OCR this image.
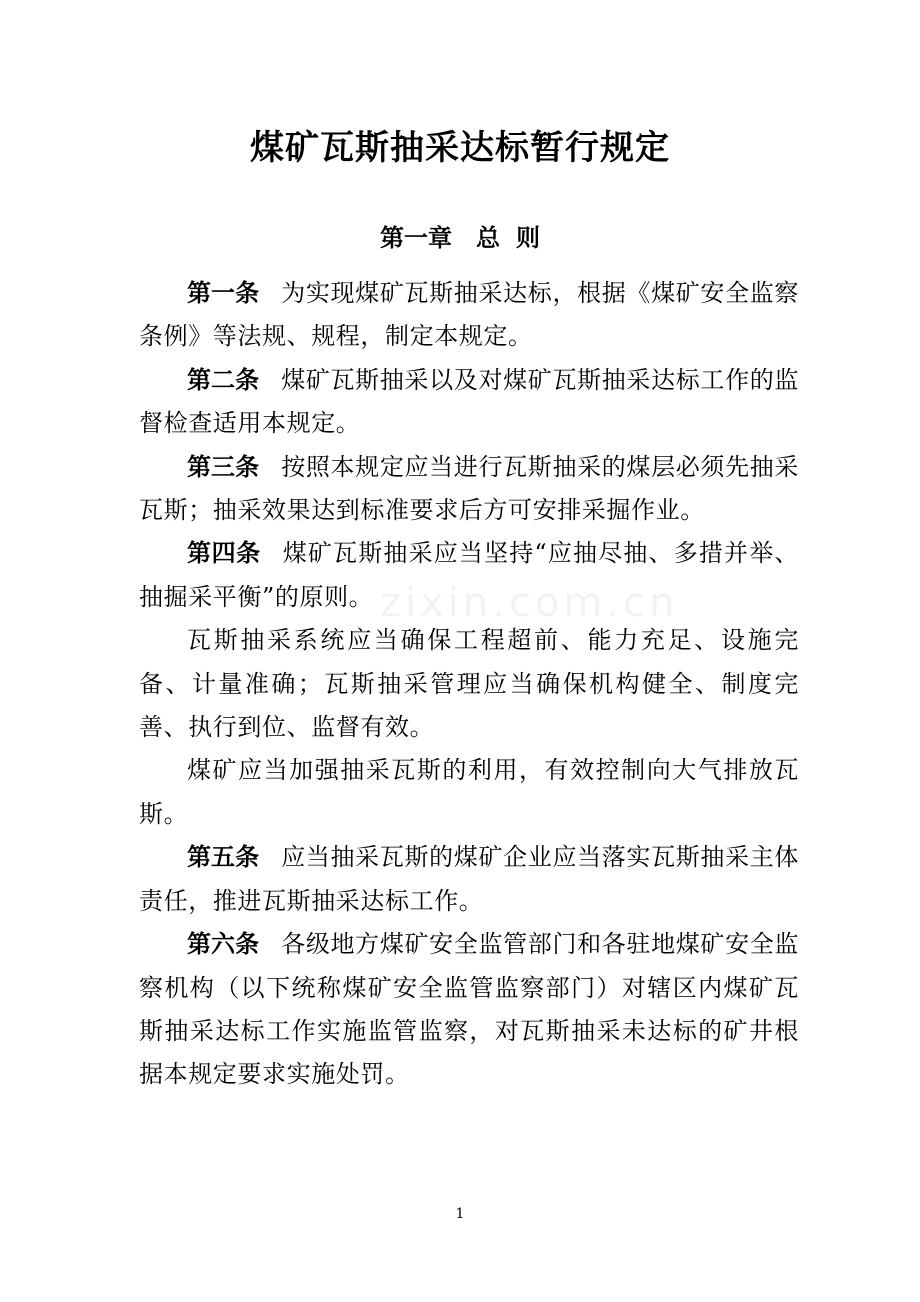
煤矿瓦斯抽采达标暂行规定
第一章 总 则
zixin.com.cn

第一条 为实现煤矿瓦斯抽采达标，根据《煤矿安全监察条例》等法规、规程，制定本规定。

第二条 煤矿瓦斯抽采以及对煤矿瓦斯抽采达标工作的监督检查适用本规定。

第三条 按照本规定应当进行瓦斯抽采的煤层必须先抽采瓦斯；抽采效果达到标准要求后方可安排采掘作业。

第四条 煤矿瓦斯抽采应当坚持“应抽尽抽、多措并举、抽掘采平衡”的原则。

瓦斯抽采系统应当确保工程超前、能力充足、设施完备、计量准确；瓦斯抽采管理应当确保机构健全、制度完善、执行到位、监督有效。

煤矿应当加强抽采瓦斯的利用，有效控制向大气排放瓦斯。

第五条 应当抽采瓦斯的煤矿企业应当落实瓦斯抽采主体责任，推进瓦斯抽采达标工作。

第六条 各级地方煤矿安全监管部门和各驻地煤矿安全监察机构（以下统称煤矿安全监管监察部门）对辖区内煤矿瓦斯抽采达标工作实施监管监察，对瓦斯抽采未达标的矿井根据本规定要求实施处罚。

1
